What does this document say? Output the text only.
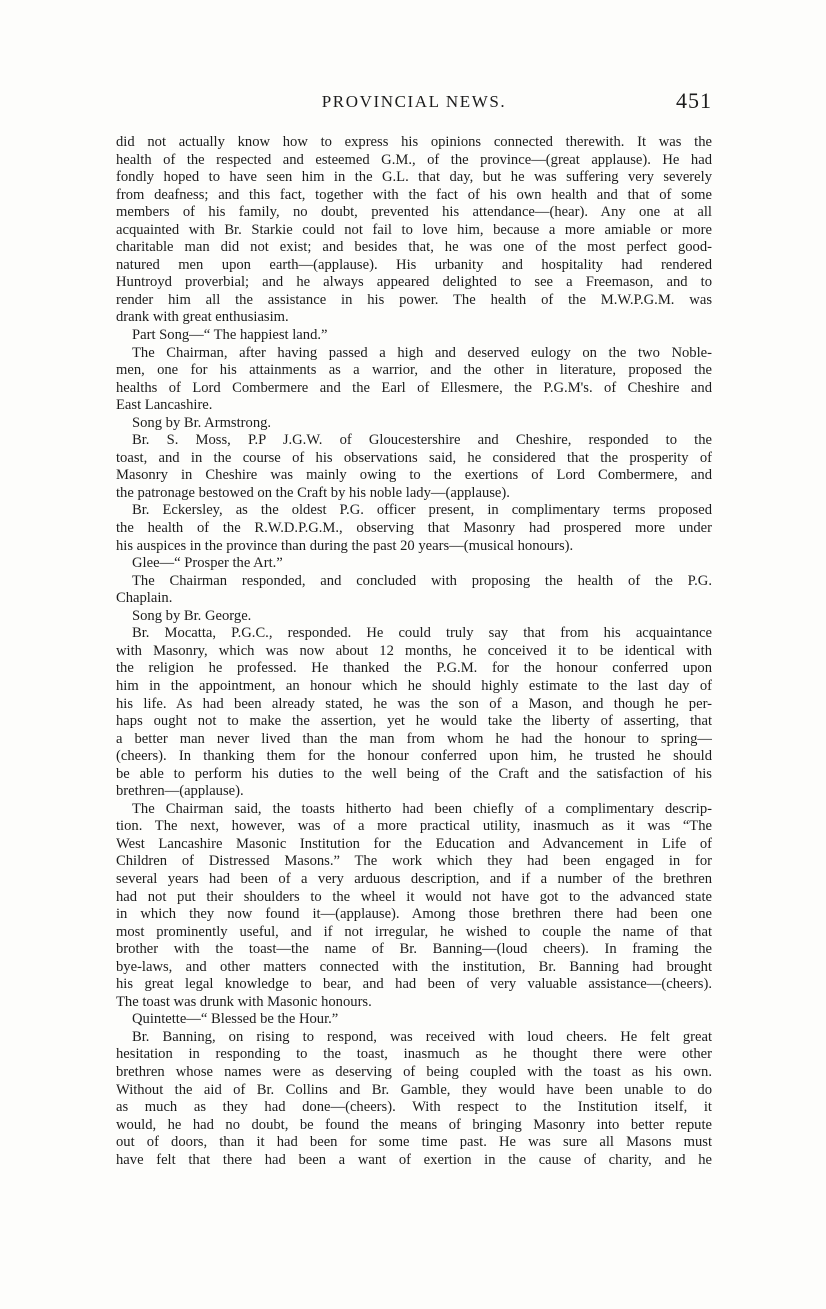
PROVINCIAL NEWS.	451
did not actually know how to express his opinions connected therewith. It was the
health of the respected and esteemed G.M., of the province—(great applause). He had
fondly hoped to have seen him in the G.L. that day, but he was suffering very severely
from deafness; and this fact, together with the fact of his own health and that of some
members of his family, no doubt, prevented his attendance—(hear). Any one at all
acquainted with Br. Starkie could not fail to love him, because a more amiable or more
charitable man did not exist; and besides that, he was one of the most perfect good-
natured men upon earth—(applause). His urbanity and hospitality had rendered
Huntroyd proverbial; and he always appeared delighted to see a Freemason, and to
render him all the assistance in his power. The health of the M.W.P.G.M. was
drank with great enthusiasim.
Part Song—“ The happiest land.”
The Chairman, after having passed a high and deserved eulogy on the two Noble-
men, one for his attainments as a warrior, and the other in literature, proposed the
healths of Lord Combermere and the Earl of Ellesmere, the P.G.M's. of Cheshire and
East Lancashire.
Song by Br. Armstrong.
Br. S. Moss, P.P J.G.W. of Gloucestershire and Cheshire, responded to the
toast, and in the course of his observations said, he considered that the prosperity of
Masonry in Cheshire was mainly owing to the exertions of Lord Combermere, and
the patronage bestowed on the Craft by his noble lady—(applause).
Br. Eckersley, as the oldest P.G. officer present, in complimentary terms proposed
the health of the R.W.D.P.G.M., observing that Masonry had prospered more under
his auspices in the province than during the past 20 years—(musical honours).
Glee—“ Prosper the Art.”
The Chairman responded, and concluded with proposing the health of the P.G.
Chaplain.
Song by Br. George.
Br. Mocatta, P.G.C., responded. He could truly say that from his acquaintance
with Masonry, which was now about 12 months, he conceived it to be identical with
the religion he professed. He thanked the P.G.M. for the honour conferred upon
him in the appointment, an honour which he should highly estimate to the last day of
his life. As had been already stated, he was the son of a Mason, and though he per-
haps ought not to make the assertion, yet he would take the liberty of asserting, that
a better man never lived than the man from whom he had the honour to spring—
(cheers). In thanking them for the honour conferred upon him, he trusted he should
be able to perform his duties to the well being of the Craft and the satisfaction of his
brethren—(applause).
The Chairman said, the toasts hitherto had been chiefly of a complimentary descrip-
tion. The next, however, was of a more practical utility, inasmuch as it was “The
West Lancashire Masonic Institution for the Education and Advancement in Life of
Children of Distressed Masons.” The work which they had been engaged in for
several years had been of a very arduous description, and if a number of the brethren
had not put their shoulders to the wheel it would not have got to the advanced state
in which they now found it—(applause). Among those brethren there had been one
most prominently useful, and if not irregular, he wished to couple the name of that
brother with the toast—the name of Br. Banning—(loud cheers). In framing the
bye-laws, and other matters connected with the institution, Br. Banning had brought
his great legal knowledge to bear, and had been of very valuable assistance—(cheers).
The toast was drunk with Masonic honours.
Quintette—“ Blessed be the Hour.”
Br. Banning, on rising to respond, was received with loud cheers. He felt great
hesitation in responding to the toast, inasmuch as he thought there were other
brethren whose names were as deserving of being coupled with the toast as his own.
Without the aid of Br. Collins and Br. Gamble, they would have been unable to do
as much as they had done—(cheers). With respect to the Institution itself, it
would, he had no doubt, be found the means of bringing Masonry into better repute
out of doors, than it had been for some time past. He was sure all Masons must
have felt that there had been a want of exertion in the cause of charity, and he
